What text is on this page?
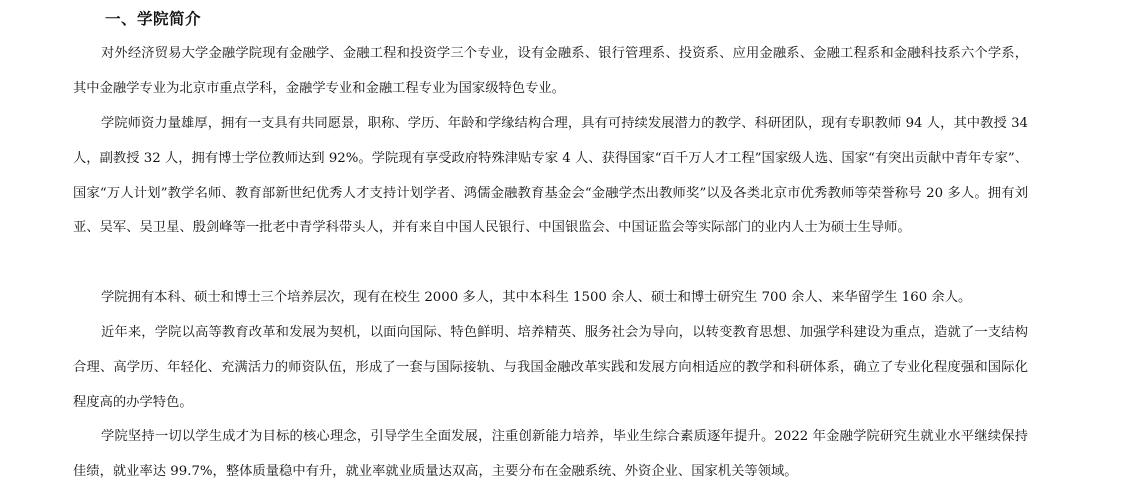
一、学院简介

对外经济贸易大学金融学院现有金融学、金融工程和投资学三个专业，设有金融系、银行管理系、投资系、应用金融系、金融工程系和金融科技系六个学系，其中金融学专业为北京市重点学科，金融学专业和金融工程专业为国家级特色专业。

学院师资力量雄厚，拥有一支具有共同愿景，职称、学历、年龄和学缘结构合理，具有可持续发展潜力的教学、科研团队，现有专职教师 94 人，其中教授 34 人，副教授 32 人，拥有博士学位教师达到 92%。学院现有享受政府特殊津贴专家 4 人、获得国家“百千万人才工程”国家级人选、国家“有突出贡献中青年专家”、国家“万人计划”教学名师、教育部新世纪优秀人才支持计划学者、鸿儒金融教育基金会“金融学杰出教师奖”以及各类北京市优秀教师等荣誉称号 20 多人。拥有刘亚、吴军、吴卫星、殷剑峰等一批老中青学科带头人，并有来自中国人民银行、中国银监会、中国证监会等实际部门的业内人士为硕士生导师。

学院拥有本科、硕士和博士三个培养层次，现有在校生 2000 多人，其中本科生 1500 余人、硕士和博士研究生 700 余人、来华留学生 160 余人。

近年来，学院以高等教育改革和发展为契机，以面向国际、特色鲜明、培养精英、服务社会为导向，以转变教育思想、加强学科建设为重点，造就了一支结构合理、高学历、年轻化、充满活力的师资队伍，形成了一套与国际接轨、与我国金融改革实践和发展方向相适应的教学和科研体系，确立了专业化程度强和国际化程度高的办学特色。

学院坚持一切以学生成才为目标的核心理念，引导学生全面发展，注重创新能力培养，毕业生综合素质逐年提升。2022 年金融学院研究生就业水平继续保持佳绩，就业率达 99.7%，整体质量稳中有升，就业率就业质量达双高，主要分布在金融系统、外资企业、国家机关等领域。
